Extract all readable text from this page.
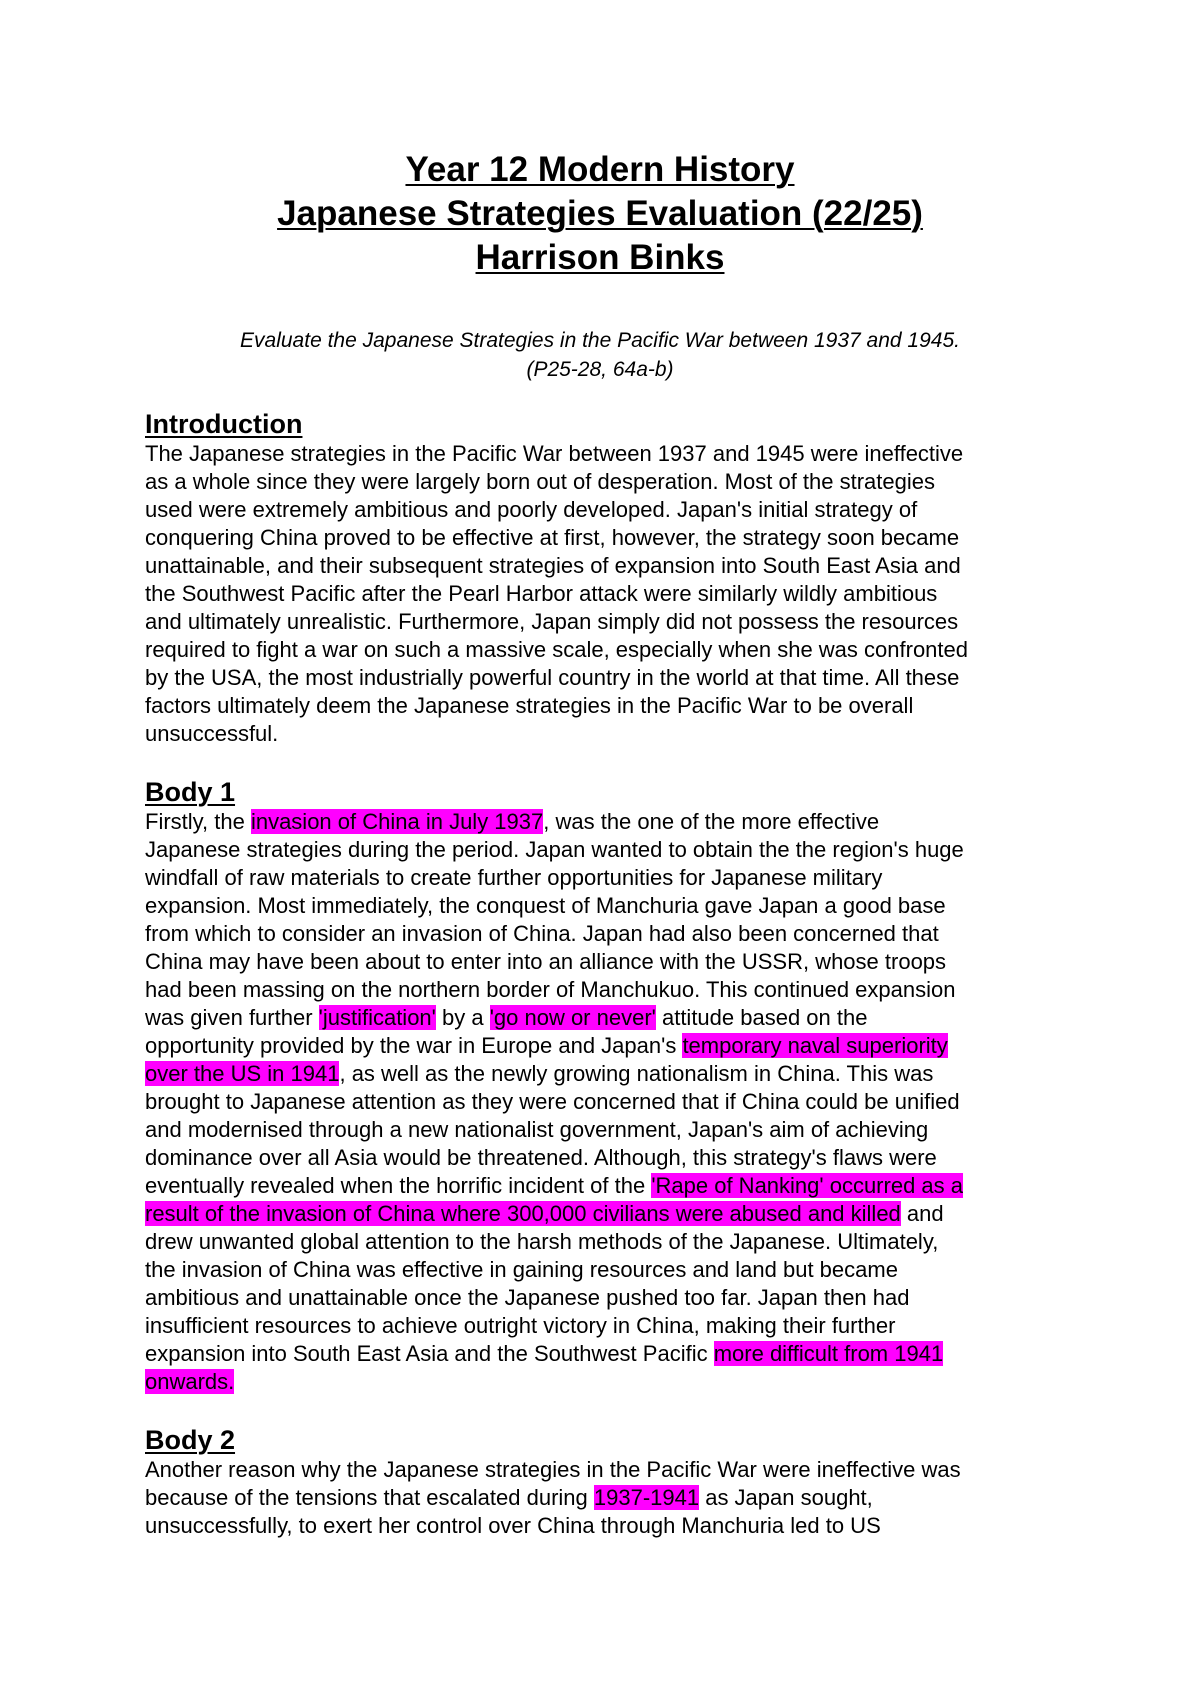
Year 12 Modern History
Japanese Strategies Evaluation (22/25)
Harrison Binks
Evaluate the Japanese Strategies in the Pacific War between 1937 and 1945.
(P25-28, 64a-b)
Introduction
The Japanese strategies in the Pacific War between 1937 and 1945 were ineffective
as a whole since they were largely born out of desperation. Most of the strategies
used were extremely ambitious and poorly developed. Japan's initial strategy of
conquering China proved to be effective at first, however, the strategy soon became
unattainable, and their subsequent strategies of expansion into South East Asia and
the Southwest Pacific after the Pearl Harbor attack were similarly wildly ambitious
and ultimately unrealistic. Furthermore, Japan simply did not possess the resources
required to fight a war on such a massive scale, especially when she was confronted
by the USA, the most industrially powerful country in the world at that time. All these
factors ultimately deem the Japanese strategies in the Pacific War to be overall
unsuccessful.
Body 1
Firstly, the invasion of China in July 1937, was the one of the more effective
Japanese strategies during the period. Japan wanted to obtain the the region's huge
windfall of raw materials to create further opportunities for Japanese military
expansion. Most immediately, the conquest of Manchuria gave Japan a good base
from which to consider an invasion of China. Japan had also been concerned that
China may have been about to enter into an alliance with the USSR, whose troops
had been massing on the northern border of Manchukuo. This continued expansion
was given further 'justification' by a 'go now or never' attitude based on the
opportunity provided by the war in Europe and Japan's temporary naval superiority
over the US in 1941, as well as the newly growing nationalism in China. This was
brought to Japanese attention as they were concerned that if China could be unified
and modernised through a new nationalist government, Japan's aim of achieving
dominance over all Asia would be threatened. Although, this strategy's flaws were
eventually revealed when the horrific incident of the 'Rape of Nanking' occurred as a
result of the invasion of China where 300,000 civilians were abused and killed and
drew unwanted global attention to the harsh methods of the Japanese. Ultimately,
the invasion of China was effective in gaining resources and land but became
ambitious and unattainable once the Japanese pushed too far. Japan then had
insufficient resources to achieve outright victory in China, making their further
expansion into South East Asia and the Southwest Pacific more difficult from 1941
onwards.
Body 2
Another reason why the Japanese strategies in the Pacific War were ineffective was
because of the tensions that escalated during 1937-1941 as Japan sought,
unsuccessfully, to exert her control over China through Manchuria led to US
